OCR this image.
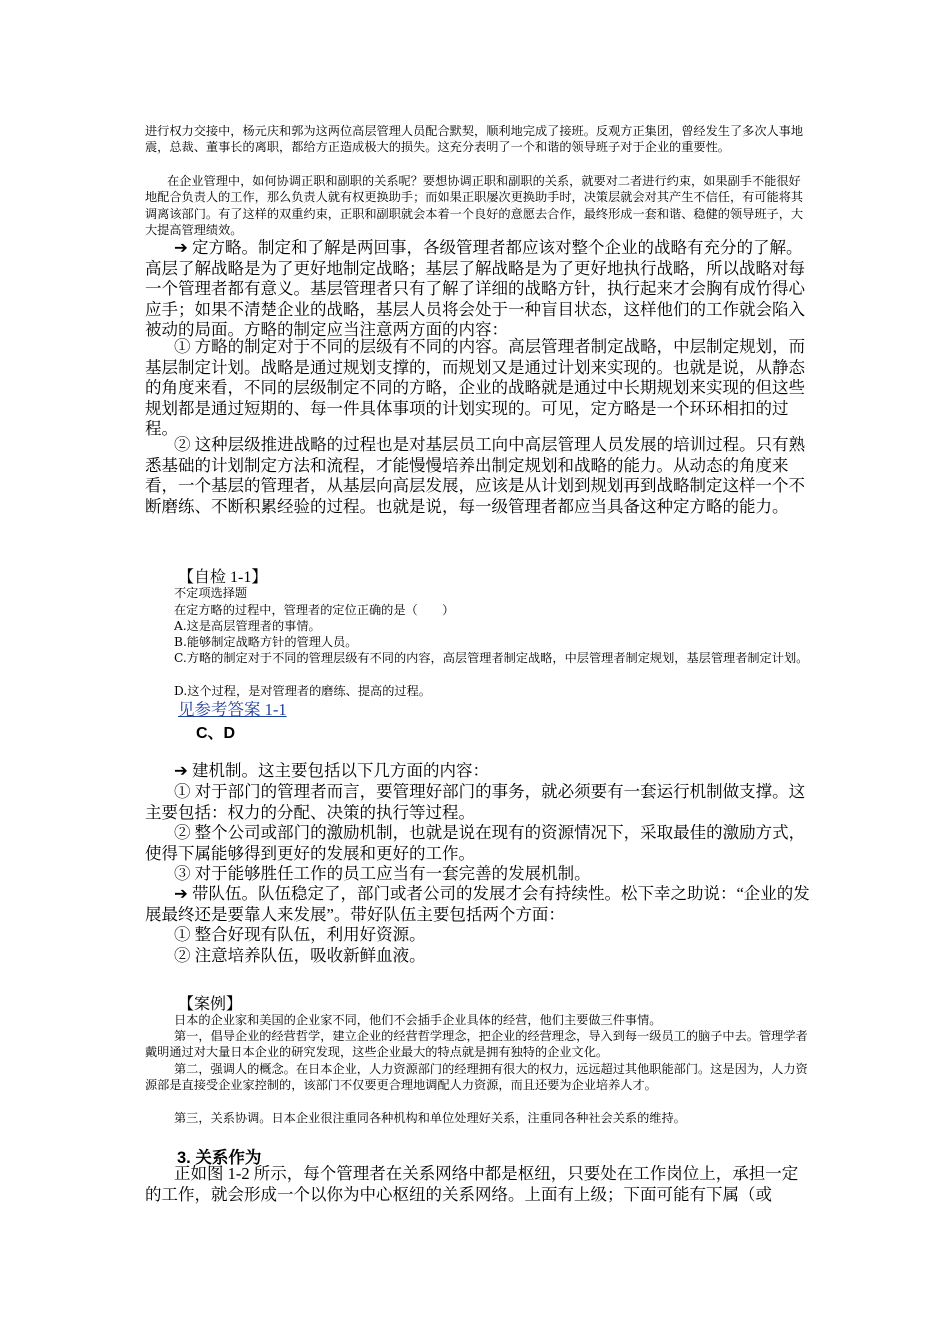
进行权力交接中，杨元庆和郭为这两位高层管理人员配合默契，顺利地完成了接班。反观方正集团，曾经发生了多次人事地震，总裁、董事长的离职，都给方正造成极大的损失。这充分表明了一个和谐的领导班子对于企业的重要性。

在企业管理中，如何协调正职和副职的关系呢？要想协调正职和副职的关系，就要对二者进行约束，如果副手不能很好地配合负责人的工作，那么负责人就有权更换助手；而如果正职屡次更换助手时，决策层就会对其产生不信任，有可能将其调离该部门。有了这样的双重约束，正职和副职就会本着一个良好的意愿去合作，最终形成一套和谐、稳健的领导班子，大大提高管理绩效。

➔ 定方略。制定和了解是两回事，各级管理者都应该对整个企业的战略有充分的了解。高层了解战略是为了更好地制定战略；基层了解战略是为了更好地执行战略，所以战略对每一个管理者都有意义。基层管理者只有了解了详细的战略方针，执行起来才会胸有成竹得心应手；如果不清楚企业的战略，基层人员将会处于一种盲目状态，这样他们的工作就会陷入被动的局面。方略的制定应当注意两方面的内容：

① 方略的制定对于不同的层级有不同的内容。高层管理者制定战略，中层制定规划，而基层制定计划。战略是通过规划支撑的，而规划又是通过计划来实现的。也就是说，从静态的角度来看，不同的层级制定不同的方略，企业的战略就是通过中长期规划来实现的但这些规划都是通过短期的、每一件具体事项的计划实现的。可见，定方略是一个环环相扣的过程。

② 这种层级推进战略的过程也是对基层员工向中高层管理人员发展的培训过程。只有熟悉基础的计划制定方法和流程，才能慢慢培养出制定规划和战略的能力。从动态的角度来看，一个基层的管理者，从基层向高层发展，应该是从计划到规划再到战略制定这样一个不断磨练、不断积累经验的过程。也就是说，每一级管理者都应当具备这种定方略的能力。

【自检 1-1】
不定项选择题
在定方略的过程中，管理者的定位正确的是（　　）
A.这是高层管理者的事情。
B.能够制定战略方针的管理人员。
C.方略的制定对于不同的管理层级有不同的内容，高层管理者制定战略，中层管理者制定规划，基层管理者制定计划。
D.这个过程，是对管理者的磨练、提高的过程。
见参考答案 1-1
C、D

➔ 建机制。这主要包括以下几方面的内容：

① 对于部门的管理者而言，要管理好部门的事务，就必须要有一套运行机制做支撑。这主要包括：权力的分配、决策的执行等过程。

② 整个公司或部门的激励机制，也就是说在现有的资源情况下，采取最佳的激励方式，使得下属能够得到更好的发展和更好的工作。

③ 对于能够胜任工作的员工应当有一套完善的发展机制。

➔ 带队伍。队伍稳定了，部门或者公司的发展才会有持续性。松下幸之助说：“企业的发展最终还是要靠人来发展”。带好队伍主要包括两个方面：

① 整合好现有队伍，利用好资源。

② 注意培养队伍，吸收新鲜血液。

【案例】

日本的企业家和美国的企业家不同，他们不会插手企业具体的经营，他们主要做三件事情。

第一，倡导企业的经营哲学，建立企业的经营哲学理念，把企业的经营理念，导入到每一级员工的脑子中去。管理学者戴明通过对大量日本企业的研究发现，这些企业最大的特点就是拥有独特的企业文化。

第二，强调人的概念。在日本企业，人力资源部门的经理拥有很大的权力，远远超过其他职能部门。这是因为，人力资源部是直接受企业家控制的，该部门不仅要更合理地调配人力资源，而且还要为企业培养人才。

第三，关系协调。日本企业很注重同各种机构和单位处理好关系，注重同各种社会关系的维持。

3. 关系作为

正如图 1-2 所示，每个管理者在关系网络中都是枢纽，只要处在工作岗位上，承担一定的工作，就会形成一个以你为中心枢纽的关系网络。上面有上级；下面可能有下属（或
